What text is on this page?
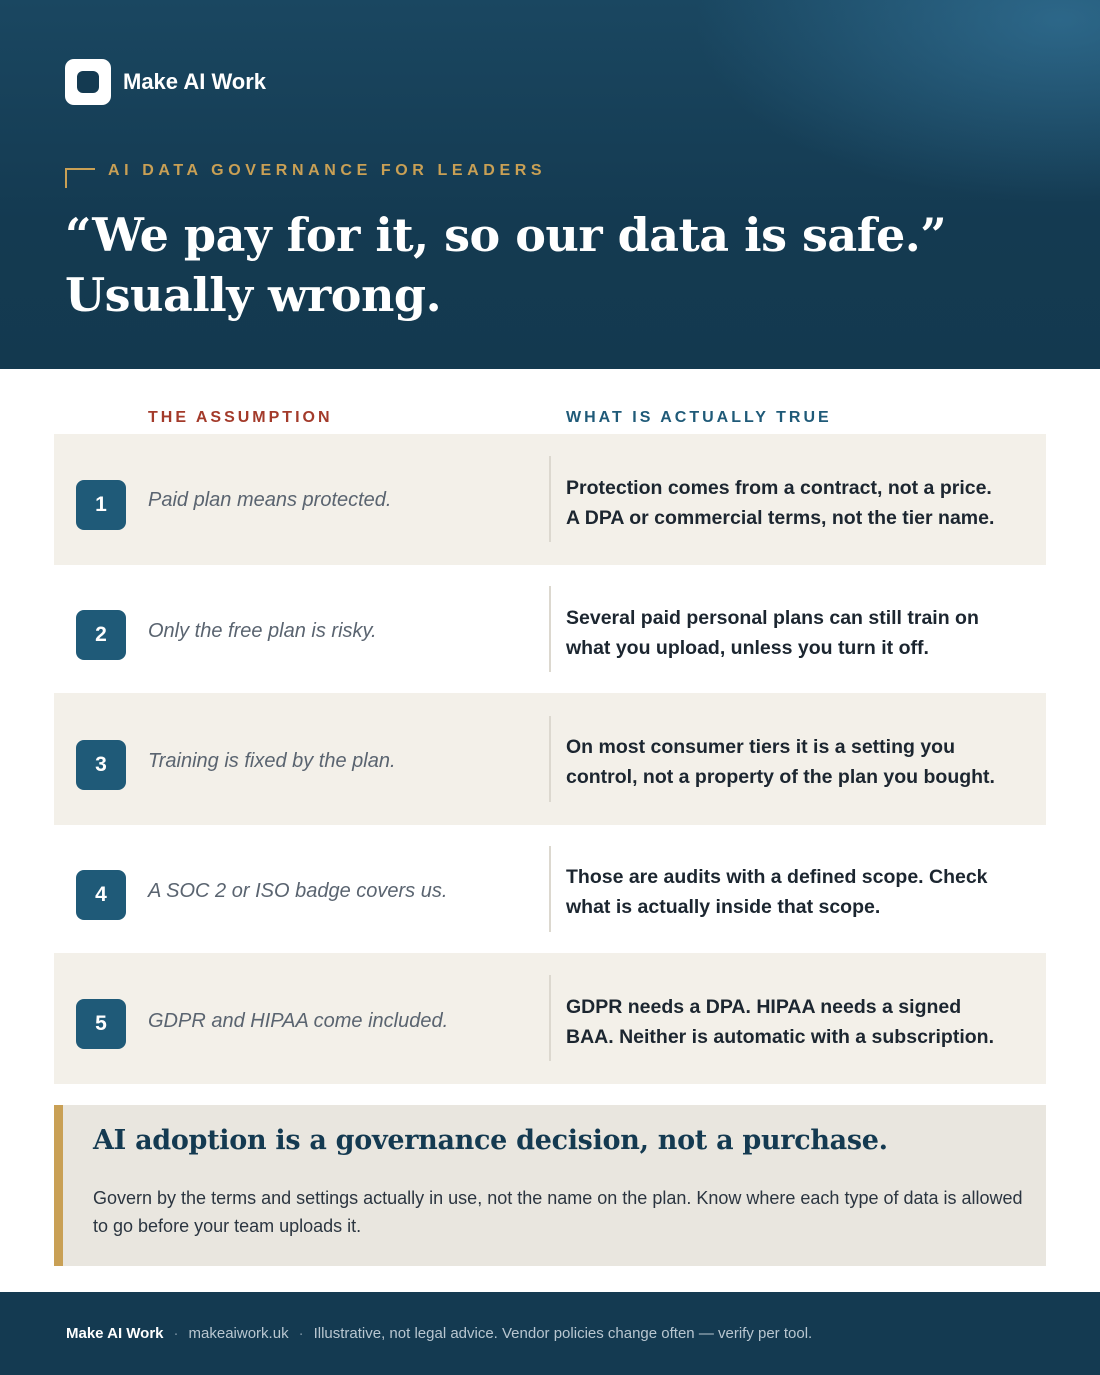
Make AI Work
AI DATA GOVERNANCE FOR LEADERS
“We pay for it, so our data is safe.”
Usually wrong.
THE ASSUMPTION	WHAT IS ACTUALLY TRUE
1	Paid plan means protected.
Protection comes from a contract, not a price.
A DPA or commercial terms, not the tier name.
2	Only the free plan is risky.
Several paid personal plans can still train on
what you upload, unless you turn it off.
3	Training is fixed by the plan.
On most consumer tiers it is a setting you
control, not a property of the plan you bought.
4	A SOC 2 or ISO badge covers us.
Those are audits with a defined scope. Check
what is actually inside that scope.
5	GDPR and HIPAA come included.
GDPR needs a DPA. HIPAA needs a signed
BAA. Neither is automatic with a subscription.
AI adoption is a governance decision, not a purchase.
Govern by the terms and settings actually in use, not the name on the plan. Know where each type of data is allowed to go before your team uploads it.
Make AI Work · makeaiwork.uk · Illustrative, not legal advice. Vendor policies change often — verify per tool.
